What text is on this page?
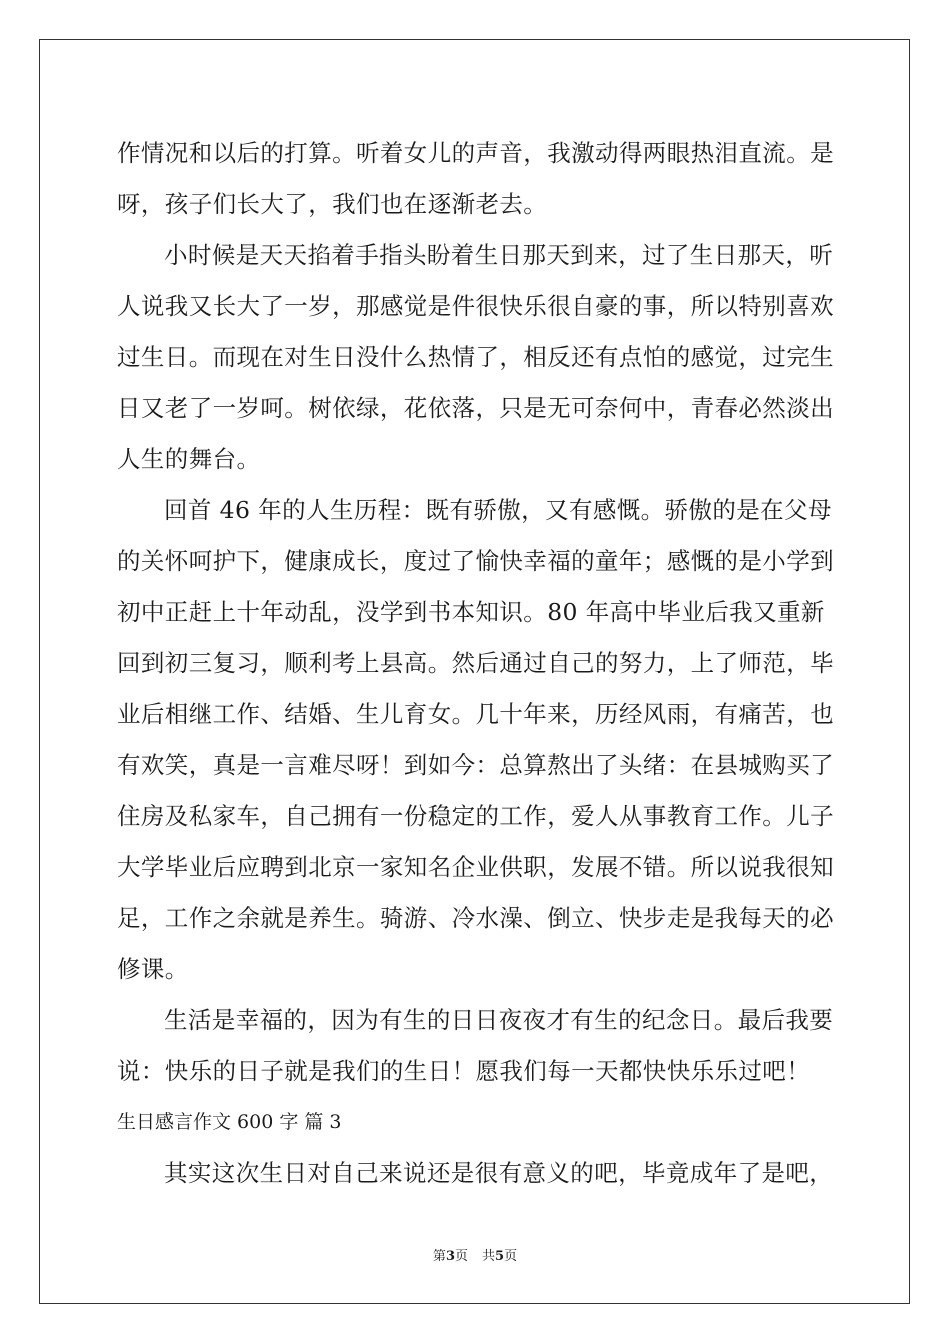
作情况和以后的打算。听着女儿的声音，我激动得两眼热泪直流。是
呀，孩子们长大了，我们也在逐渐老去。
小时候是天天掐着手指头盼着生日那天到来，过了生日那天，听
人说我又长大了一岁，那感觉是件很快乐很自豪的事，所以特别喜欢
过生日。而现在对生日没什么热情了，相反还有点怕的感觉，过完生
日又老了一岁呵。树依绿，花依落，只是无可奈何中，青春必然淡出
人生的舞台。
回首 46 年的人生历程：既有骄傲，又有感慨。骄傲的是在父母
的关怀呵护下，健康成长，度过了愉快幸福的童年；感慨的是小学到
初中正赶上十年动乱，没学到书本知识。80 年高中毕业后我又重新
回到初三复习，顺利考上县高。然后通过自己的努力，上了师范，毕
业后相继工作、结婚、生儿育女。几十年来，历经风雨，有痛苦，也
有欢笑，真是一言难尽呀！到如今：总算熬出了头绪：在县城购买了
住房及私家车，自己拥有一份稳定的工作，爱人从事教育工作。儿子
大学毕业后应聘到北京一家知名企业供职，发展不错。所以说我很知
足，工作之余就是养生。骑游、冷水澡、倒立、快步走是我每天的必
修课。
生活是幸福的，因为有生的日日夜夜才有生的纪念日。最后我要
说：快乐的日子就是我们的生日！愿我们每一天都快快乐乐过吧！
生日感言作文 600 字 篇 3
其实这次生日对自己来说还是很有意义的吧，毕竟成年了是吧，
第3页 共5页
